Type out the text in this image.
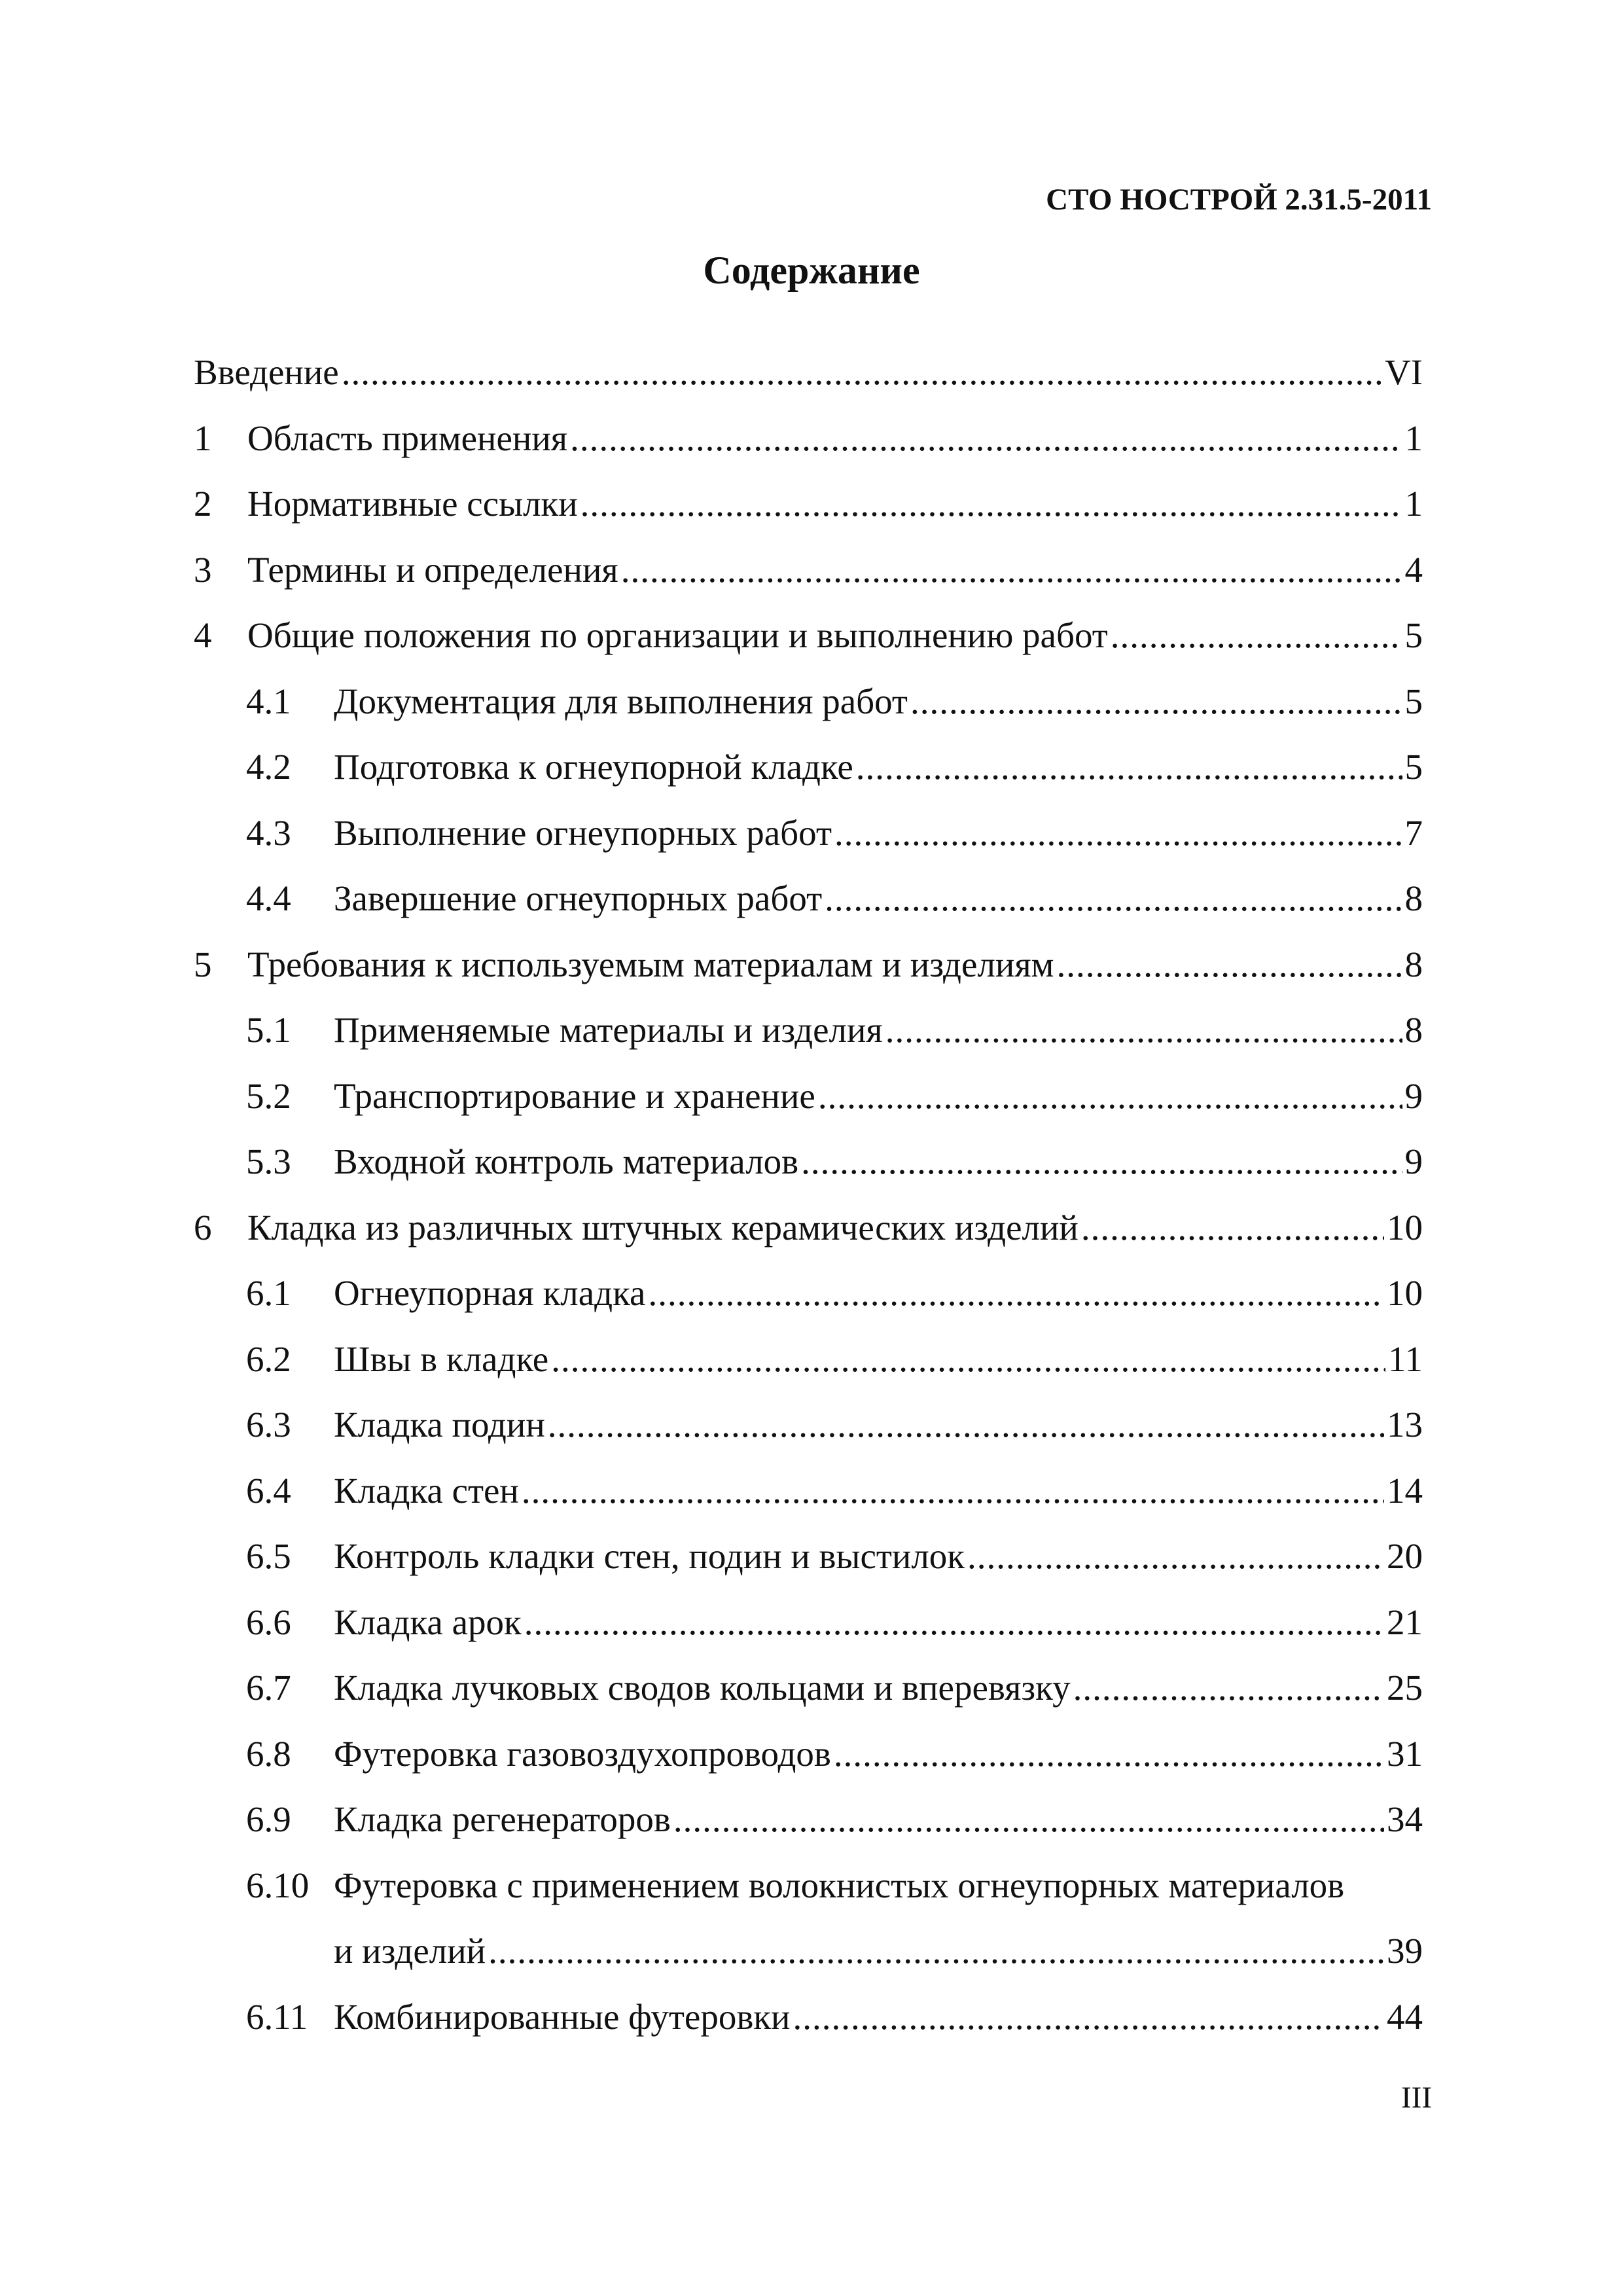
СТО НОСТРОЙ 2.31.5-2011
Содержание
Введение .....	VI
1 Область применения .....	1
2 Нормативные ссылки .....	1
3 Термины и определения .....	4
4 Общие положения по организации и выполнению работ .....	5
4.1	Документация для выполнения работ .....	5
4.2	Подготовка к огнеупорной кладке .....	5
4.3	Выполнение огнеупорных работ .....	7
4.4	Завершение огнеупорных работ .....	8
5 Требования к используемым материалам и изделиям .....	8
5.1	Применяемые материалы и изделия .....	8
5.2	Транспортирование и хранение .....	9
5.3	Входной контроль материалов .....	9
6 Кладка из различных штучных керамических изделий .....	10
6.1	Огнеупорная кладка .....	10
6.2	Швы в кладке .....	11
6.3	Кладка подин .....	13
6.4	Кладка стен .....	14
6.5	Контроль кладки стен, подин и выстилок .....	20
6.6	Кладка арок .....	21
6.7	Кладка лучковых сводов кольцами и вперевязку .....	25
6.8	Футеровка газовоздухопроводов .....	31
6.9	Кладка регенераторов .....	34
6.10 Футеровка с применением волокнистых огнеупорных материалов
и изделий .....	39
6.11 Комбинированные футеровки .....	44
III
